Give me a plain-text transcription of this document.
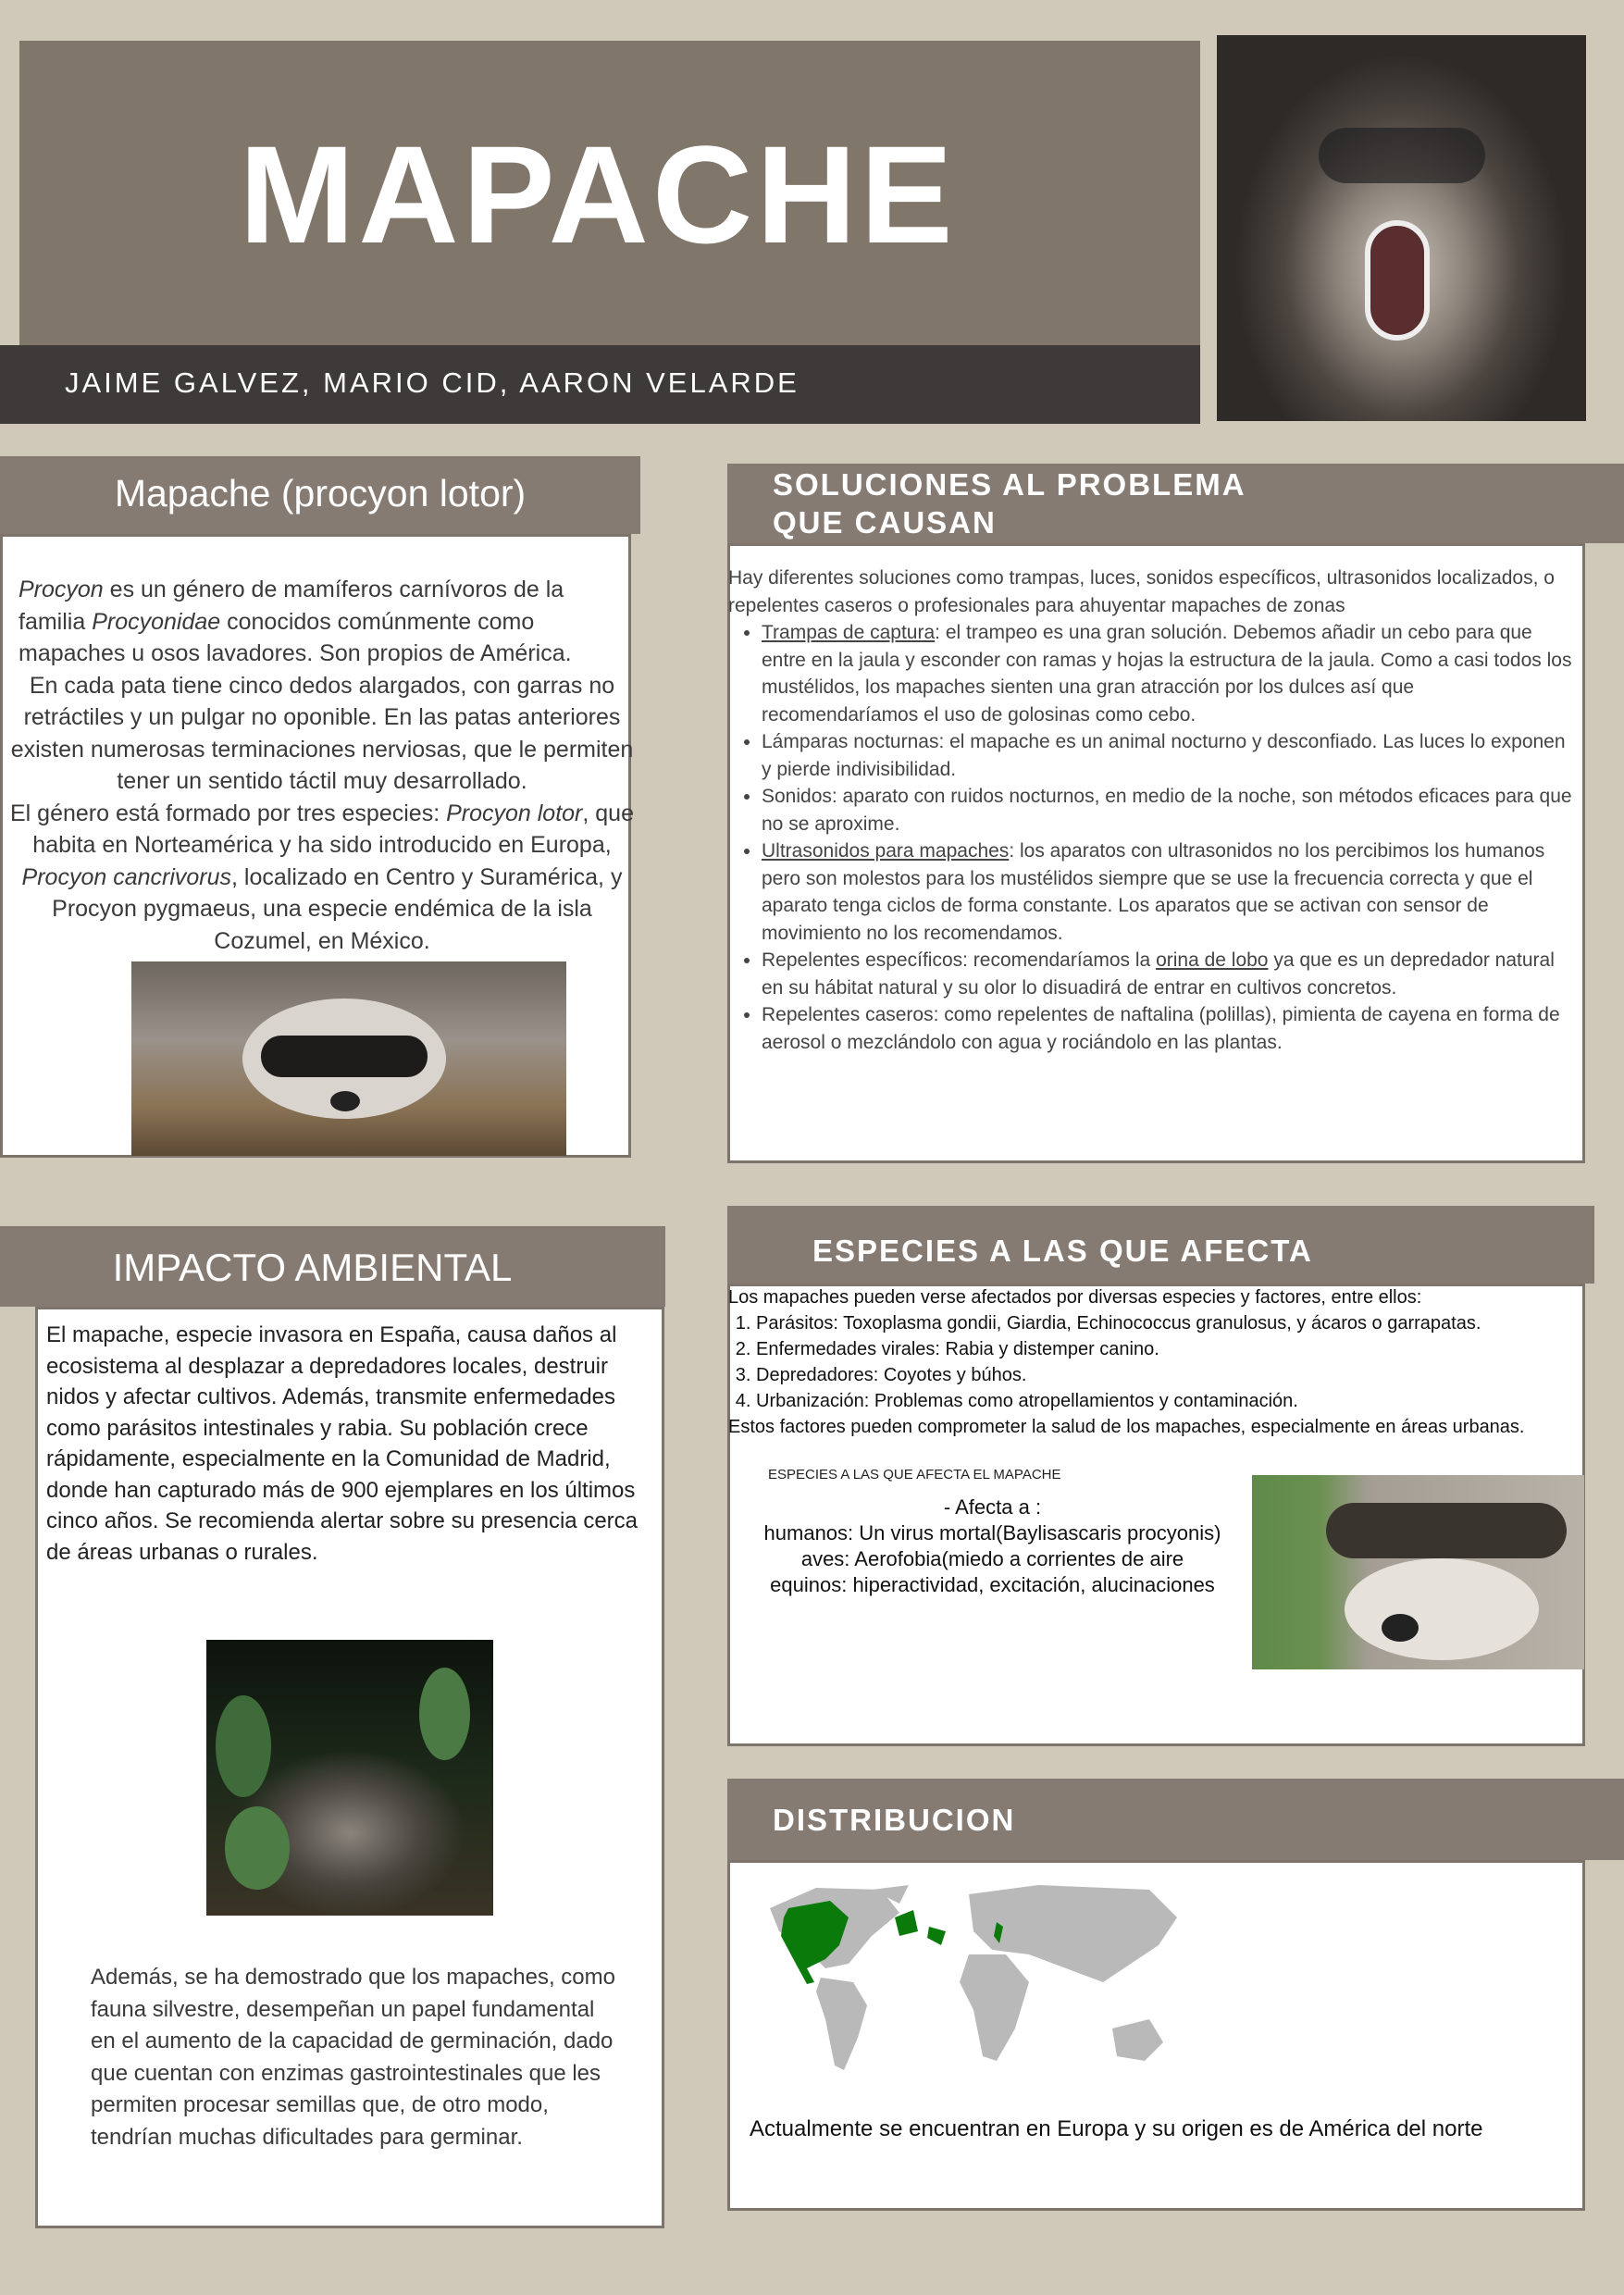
MAPACHE
JAIME GALVEZ, MARIO CID, AARON VELARDE
Mapache (procyon lotor)

Procyon es un género de mamíferos carnívoros de la familia Procyonidae conocidos comúnmente como mapaches u osos lavadores. Son propios de América.

En cada pata tiene cinco dedos alargados, con garras no retráctiles y un pulgar no oponible. En las patas anteriores existen numerosas terminaciones nerviosas, que le permiten tener un sentido táctil muy desarrollado.

El género está formado por tres especies: Procyon lotor, que habita en Norteamérica y ha sido introducido en Europa, Procyon cancrivorus, localizado en Centro y Suramérica, y Procyon pygmaeus, una especie endémica de la isla Cozumel, en México.

SOLUCIONES AL PROBLEMA QUE CAUSAN

Hay diferentes soluciones como trampas, luces, sonidos específicos, ultrasonidos localizados, o repelentes caseros o profesionales para ahuyentar mapaches de zonas

• Trampas de captura: el trampeo es una gran solución. Debemos añadir un cebo para que entre en la jaula y esconder con ramas y hojas la estructura de la jaula. Como a casi todos los mustélidos, los mapaches sienten una gran atracción por los dulces así que recomendaríamos el uso de golosinas como cebo.
• Lámparas nocturnas: el mapache es un animal nocturno y desconfiado. Las luces lo exponen y pierde indivisibilidad.
• Sonidos: aparato con ruidos nocturnos, en medio de la noche, son métodos eficaces para que no se aproxime.
• Ultrasonidos para mapaches: los aparatos con ultrasonidos no los percibimos los humanos pero son molestos para los mustélidos siempre que se use la frecuencia correcta y que el aparato tenga ciclos de forma constante. Los aparatos que se activan con sensor de movimiento no los recomendamos.
• Repelentes específicos: recomendaríamos la orina de lobo ya que es un depredador natural en su hábitat natural y su olor lo disuadirá de entrar en cultivos concretos.
• Repelentes caseros: como repelentes de naftalina (polillas), pimienta de cayena en forma de aerosol o mezclándolo con agua y rociándolo en las plantas.
IMPACTO AMBIENTAL

El mapache, especie invasora en España, causa daños al ecosistema al desplazar a depredadores locales, destruir nidos y afectar cultivos. Además, transmite enfermedades como parásitos intestinales y rabia. Su población crece rápidamente, especialmente en la Comunidad de Madrid, donde han capturado más de 900 ejemplares en los últimos cinco años. Se recomienda alertar sobre su presencia cerca de áreas urbanas o rurales.

Además, se ha demostrado que los mapaches, como fauna silvestre, desempeñan un papel fundamental en el aumento de la capacidad de germinación, dado que cuentan con enzimas gastrointestinales que les permiten procesar semillas que, de otro modo, tendrían muchas dificultades para germinar.

ESPECIES A LAS QUE AFECTA

Los mapaches pueden verse afectados por diversas especies y factores, entre ellos:

1. Parásitos: Toxoplasma gondii, Giardia, Echinococcus granulosus, y ácaros o garrapatas.
2. Enfermedades virales: Rabia y distemper canino.
3. Depredadores: Coyotes y búhos.
4. Urbanización: Problemas como atropellamientos y contaminación.

Estos factores pueden comprometer la salud de los mapaches, especialmente en áreas urbanas.

ESPECIES A LAS QUE AFECTA EL MAPACHE

- Afecta a :

humanos: Un virus mortal(Baylisascaris procyonis)

aves: Aerofobia(miedo a corrientes de aire

equinos: hiperactividad, excitación, alucinaciones

DISTRIBUCION

Actualmente se encuentran en Europa y su origen es de América del norte
